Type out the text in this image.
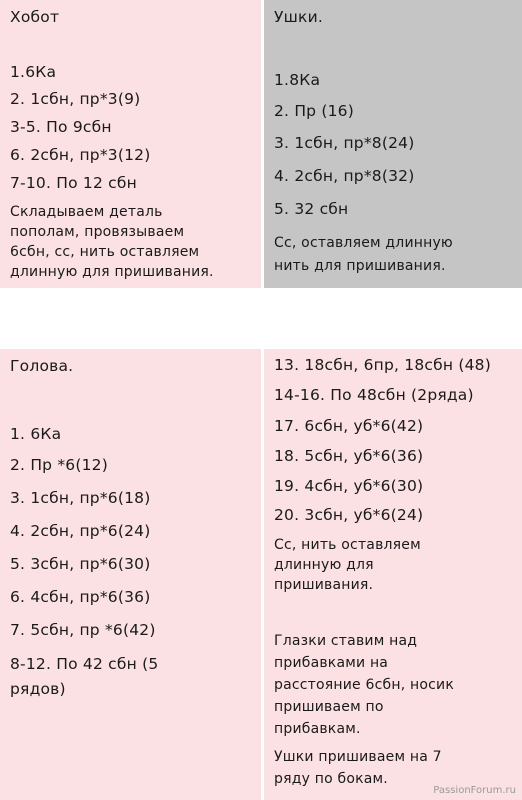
Хобот
1.6Ка
2. 1сбн, пр*3(9)
3-5. По 9сбн
6. 2сбн, пр*3(12)
7-10. По 12 сбн
Складываем деталь
пополам, провязываем
6сбн, сс, нить оставляем
длинную для пришивания.
Ушки.
1.8Ка
2. Пр (16)
3. 1сбн, пр*8(24)
4. 2сбн, пр*8(32)
5. 32 сбн
Сс, оставляем длинную
нить для пришивания.
Голова.
1. 6Ка
2. Пр *6(12)
3. 1сбн, пр*6(18)
4. 2сбн, пр*6(24)
5. 3сбн, пр*6(30)
6. 4сбн, пр*6(36)
7. 5сбн, пр *6(42)
8-12. По 42 сбн (5
рядов)
13. 18сбн, 6пр, 18сбн (48)
14-16. По 48сбн (2ряда)
17. 6сбн, уб*6(42)
18. 5сбн, уб*6(36)
19. 4сбн, уб*6(30)
20. 3сбн, уб*6(24)
Сс, нить оставляем
длинную для
пришивания.
Глазки ставим над
прибавками на
расстояние 6сбн, носик
пришиваем по
прибавкам.
Ушки пришиваем на 7
ряду по бокам.
PassionForum.ru
